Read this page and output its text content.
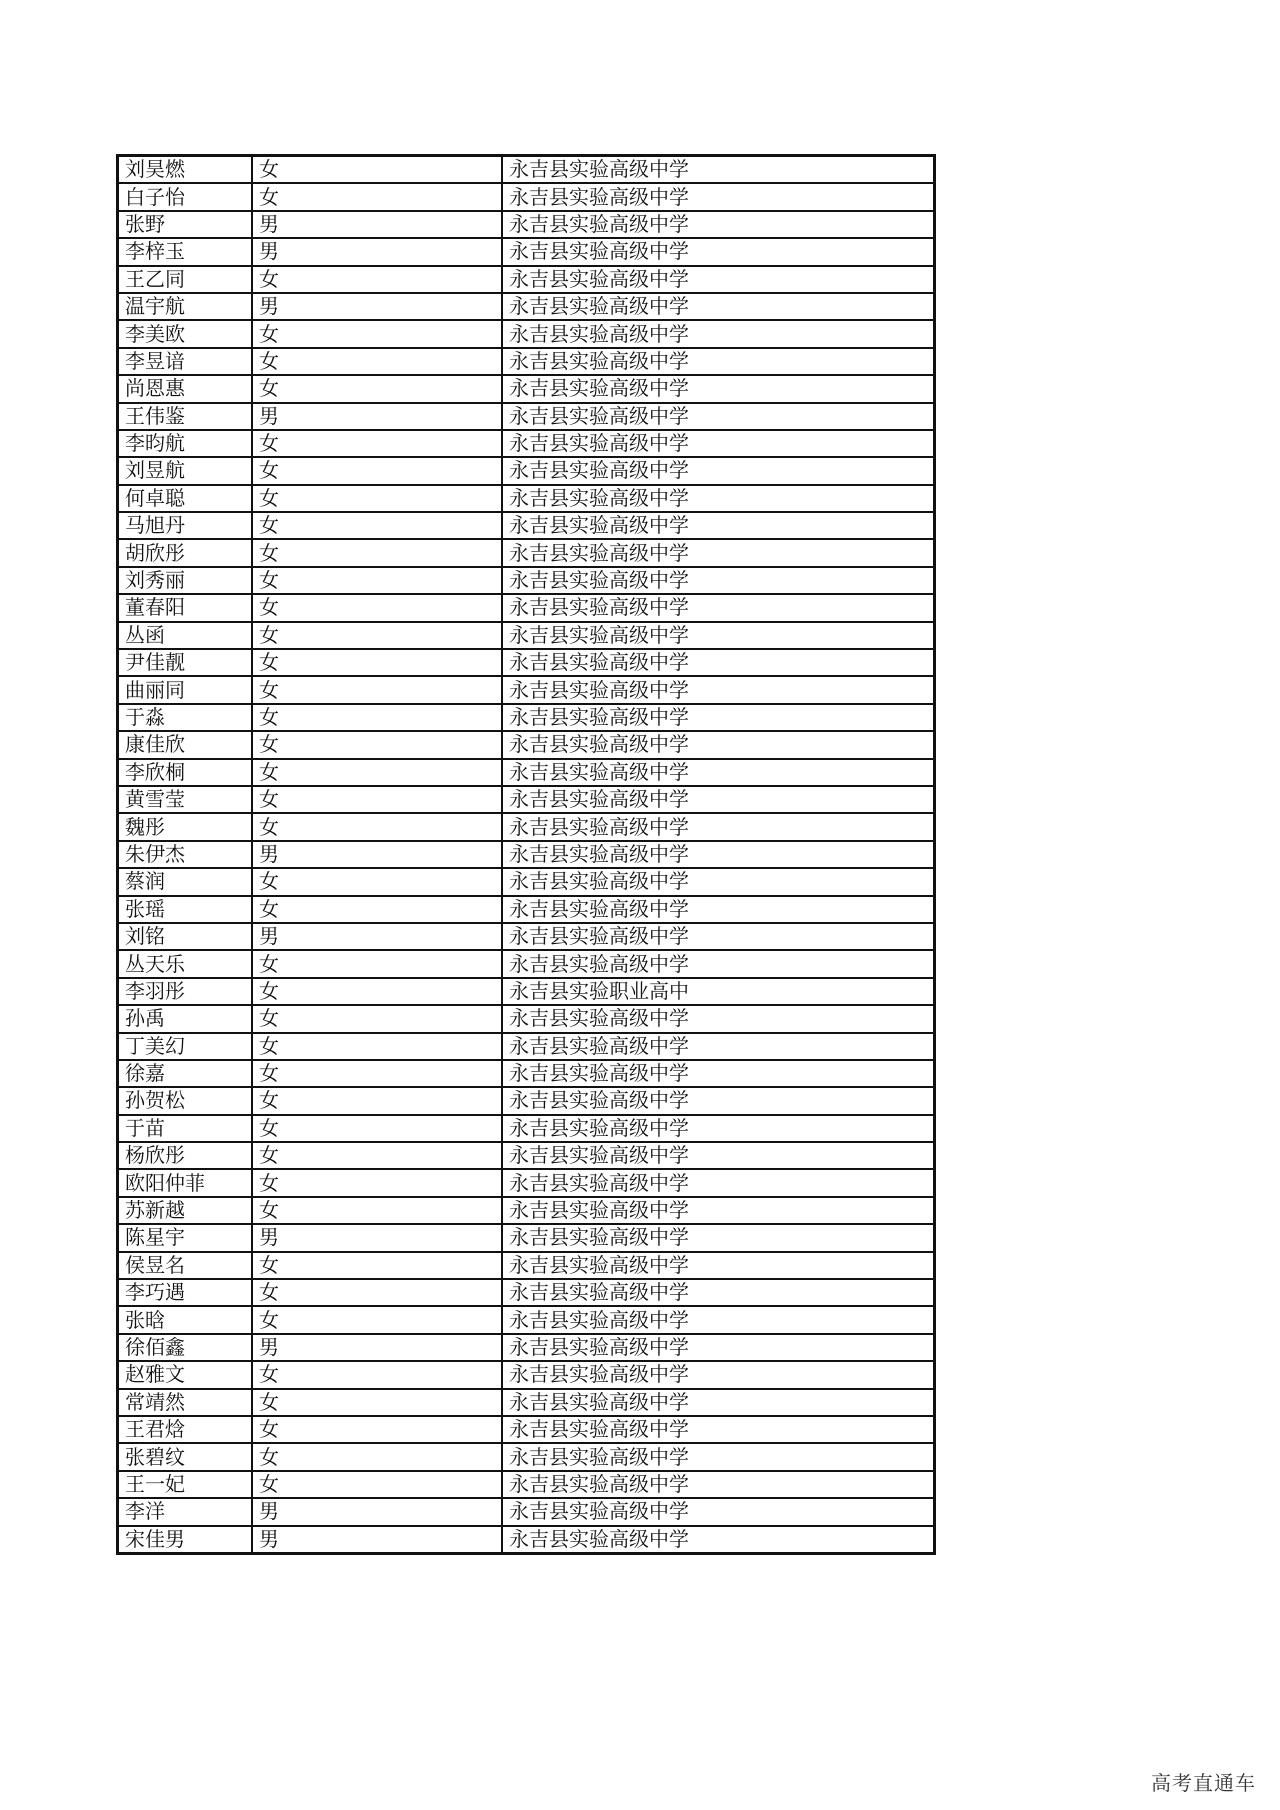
刘昊燃	女	永吉县实验高级中学
白子怡	女	永吉县实验高级中学
张野	男	永吉县实验高级中学
李梓玉	男	永吉县实验高级中学
王乙同	女	永吉县实验高级中学
温宇航	男	永吉县实验高级中学
李美欧	女	永吉县实验高级中学
李昱谙	女	永吉县实验高级中学
尚恩惠	女	永吉县实验高级中学
王伟鉴	男	永吉县实验高级中学
李昀航	女	永吉县实验高级中学
刘昱航	女	永吉县实验高级中学
何卓聪	女	永吉县实验高级中学
马旭丹	女	永吉县实验高级中学
胡欣彤	女	永吉县实验高级中学
刘秀丽	女	永吉县实验高级中学
董春阳	女	永吉县实验高级中学
丛函	女	永吉县实验高级中学
尹佳靓	女	永吉县实验高级中学
曲丽同	女	永吉县实验高级中学
于淼	女	永吉县实验高级中学
康佳欣	女	永吉县实验高级中学
李欣桐	女	永吉县实验高级中学
黄雪莹	女	永吉县实验高级中学
魏彤	女	永吉县实验高级中学
朱伊杰	男	永吉县实验高级中学
蔡润	女	永吉县实验高级中学
张瑶	女	永吉县实验高级中学
刘铭	男	永吉县实验高级中学
丛天乐	女	永吉县实验高级中学
李羽彤	女	永吉县实验职业高中
孙禹	女	永吉县实验高级中学
丁美幻	女	永吉县实验高级中学
徐嘉	女	永吉县实验高级中学
孙贺松	女	永吉县实验高级中学
于苗	女	永吉县实验高级中学
杨欣彤	女	永吉县实验高级中学
欧阳仲菲	女	永吉县实验高级中学
苏新越	女	永吉县实验高级中学
陈星宇	男	永吉县实验高级中学
侯昱名	女	永吉县实验高级中学
李巧遇	女	永吉县实验高级中学
张晗	女	永吉县实验高级中学
徐佰鑫	男	永吉县实验高级中学
赵雅文	女	永吉县实验高级中学
常靖然	女	永吉县实验高级中学
王君焓	女	永吉县实验高级中学
张碧纹	女	永吉县实验高级中学
王一妃	女	永吉县实验高级中学
李洋	男	永吉县实验高级中学
宋佳男	男	永吉县实验高级中学
高考直通车
